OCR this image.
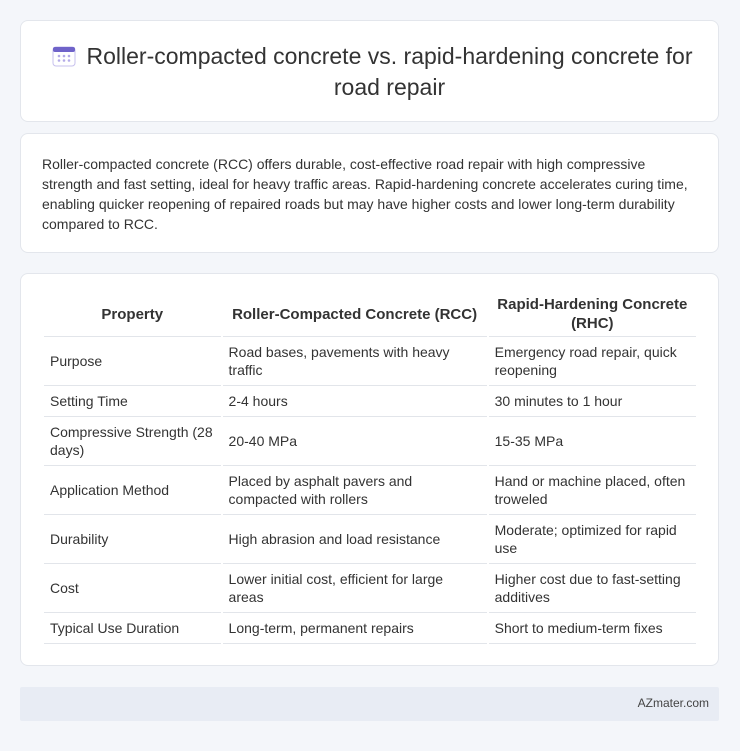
Roller-compacted concrete vs. rapid-hardening concrete for road repair

Roller-compacted concrete (RCC) offers durable, cost-effective road repair with high compressive strength and fast setting, ideal for heavy traffic areas. Rapid-hardening concrete accelerates curing time, enabling quicker reopening of repaired roads but may have higher costs and lower long-term durability compared to RCC.

Property	Roller-Compacted Concrete (RCC)	Rapid-Hardening Concrete (RHC)
Purpose	Road bases, pavements with heavy traffic	Emergency road repair, quick reopening
Setting Time	2-4 hours	30 minutes to 1 hour
Compressive Strength (28 days)	20-40 MPa	15-35 MPa
Application Method	Placed by asphalt pavers and compacted with rollers	Hand or machine placed, often troweled
Durability	High abrasion and load resistance	Moderate; optimized for rapid use
Cost	Lower initial cost, efficient for large areas	Higher cost due to fast-setting additives
Typical Use Duration	Long-term, permanent repairs	Short to medium-term fixes
AZmater.com
